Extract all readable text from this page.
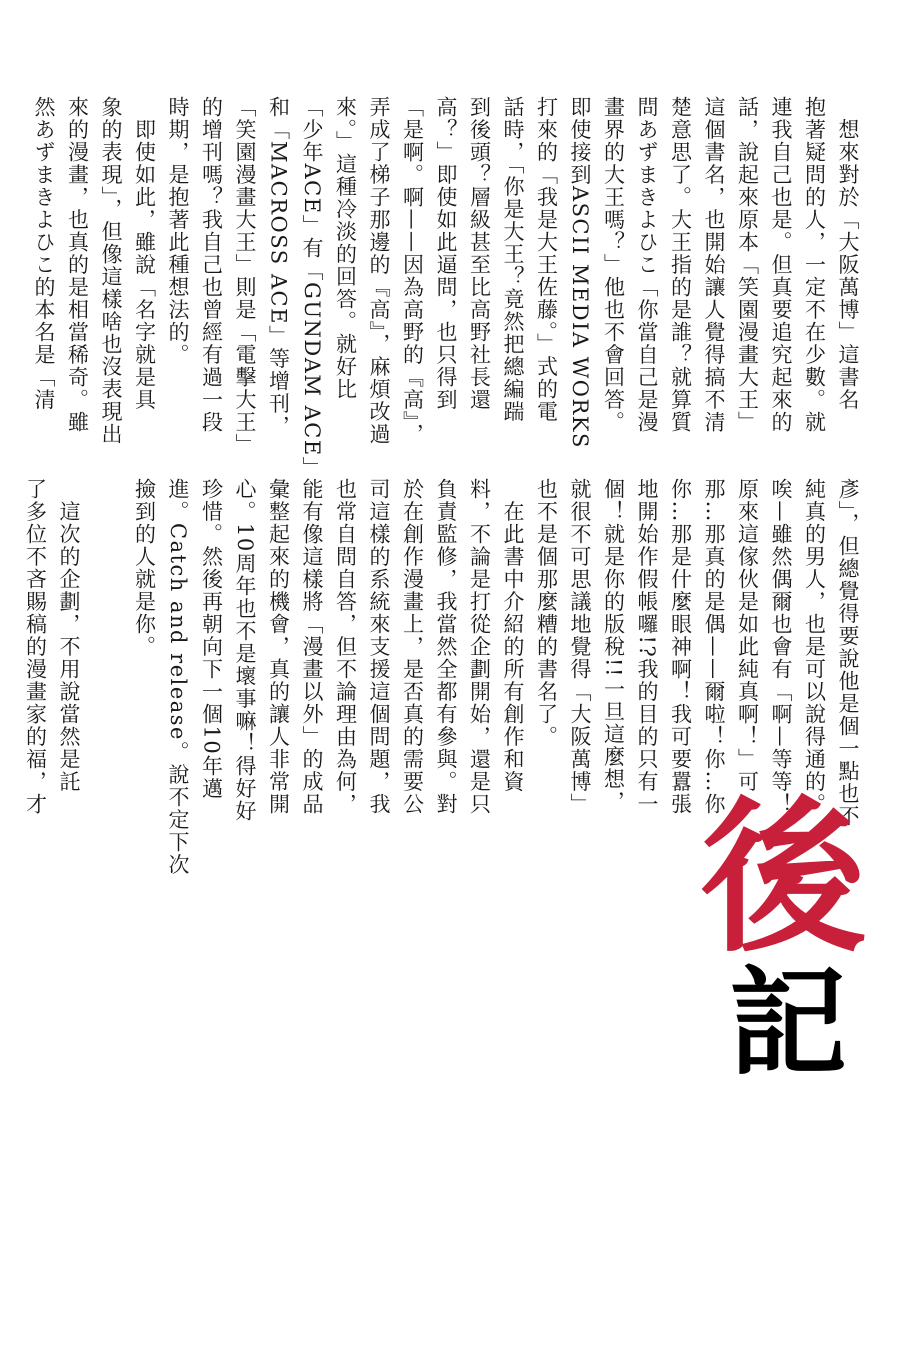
　想來對於「大阪萬博」這書名
抱著疑問的人，一定不在少數。就
連我自己也是。但真要追究起來的
話，說起來原本「笑園漫畫大王」
這個書名，也開始讓人覺得搞不清
楚意思了。大王指的是誰？就算質
問あずまきよひこ「你當自己是漫
畫界的大王嗎？」他也不會回答。
即使接到ASCII MEDIA WORKS
打來的「我是大王佐藤。」式的電
話時，「你是大王？竟然把總編踹
到後頭？層級甚至比高野社長還
高？」即使如此逼問，也只得到
「是啊。啊——因為高野的『高』，
弄成了梯子那邊的『高』，麻煩改過
來。」這種冷淡的回答。就好比
「少年ACE」有「GUNDAM ACE」
和「MACROSS ACE」等增刊，
「笑園漫畫大王」則是「電擊大王」
的增刊嗎？我自己也曾經有過一段
時期，是抱著此種想法的。
　即使如此，雖說「名字就是具
象的表現」，但像這樣啥也沒表現出
來的漫畫，也真的是相當稀奇。雖
然あずまきよひこ的本名是「清
彥」，但總覺得要說他是個一點也不
純真的男人，也是可以說得通的。
唉—雖然偶爾也會有「啊—等等！
原來這傢伙是如此純真啊！」可…
那…那真的是偶——爾啦！你…你
你…那是什麼眼神啊！我可要囂張
地開始作假帳囉!?我的目的只有一
個！就是你的版稅!!一旦這麼想，
就很不可思議地覺得「大阪萬博」
也不是個那麼糟的書名了。
　在此書中介紹的所有創作和資
料，不論是打從企劃開始，還是只
負責監修，我當然全都有參與。對
於在創作漫畫上，是否真的需要公
司這樣的系統來支援這個問題，我
也常自問自答，但不論理由為何，
能有像這樣將「漫畫以外」的成品
彙整起來的機會，真的讓人非常開
心。10周年也不是壞事嘛！得好好
珍惜。然後再朝向下一個10年邁
進。Catch and release。說不定下次
撿到的人就是你。
　這次的企劃，不用說當然是託
了多位不吝賜稿的漫畫家的福，才
後
記
